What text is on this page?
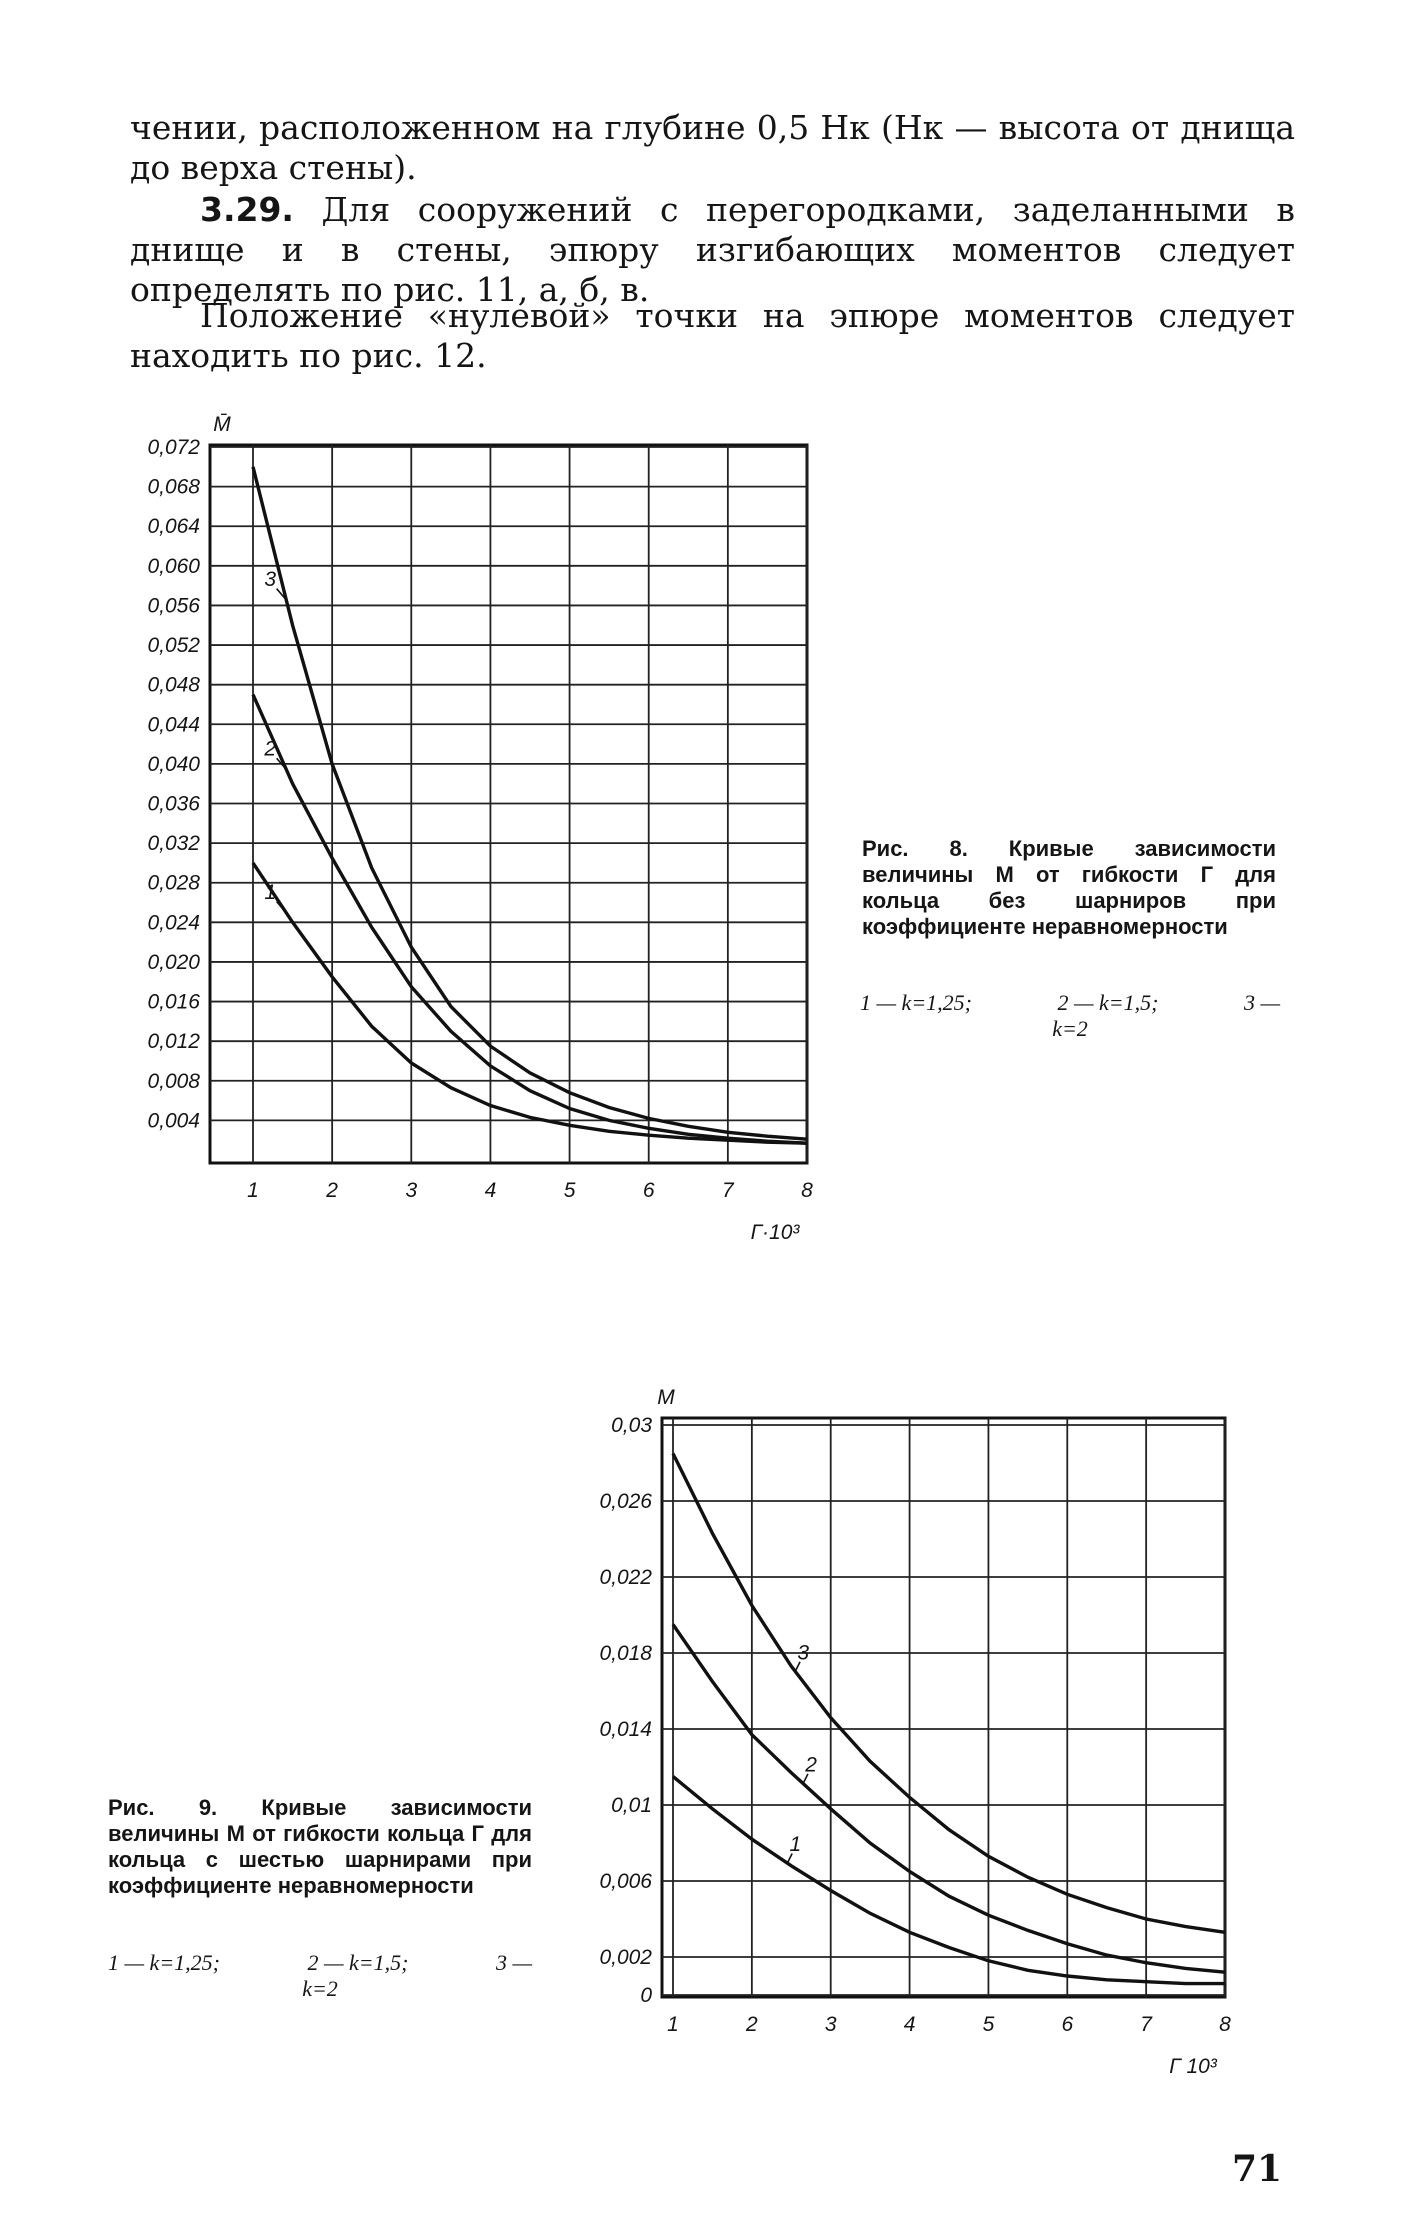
чении, расположенном на глубине 0,5 Hк (Hк — высота от днища до верха стены).

3.29. Для сооружений с перегородками, заделанными в днище и в стены, эпюру изгибающих моментов следует определять по рис. 11, а, б, в.

Положение «нулевой» точки на эпюре моментов следует находить по рис. 12.

1	2	3	4	5	6	7	8
0,004
0,008
0,012
0,016
0,020
0,024
0,028
0,032
0,036
0,040
0,044
0,048
0,052
0,056
0,060
0,064
0,068
0,072
M̄
Г·10³
1
2
3
1	2	3	4	5	6	7	8
0
0,002
0,006
0,01
0,014
0,018
0,022
0,026
0,03
M
Г 10³
1
2
3

Рис. 8. Кривые зависимости величины M от гибкости Г для кольца без шарниров при коэффициенте неравномерности

1 — k=1,25;	2 — k=1,5;	3 —
k=2

Рис. 9. Кривые зависимости величины M от гибкости кольца Г для кольца с шестью шарнирами при коэффициенте неравномерности

1 — k=1,25;	2 — k=1,5;	3 —
k=2
71
